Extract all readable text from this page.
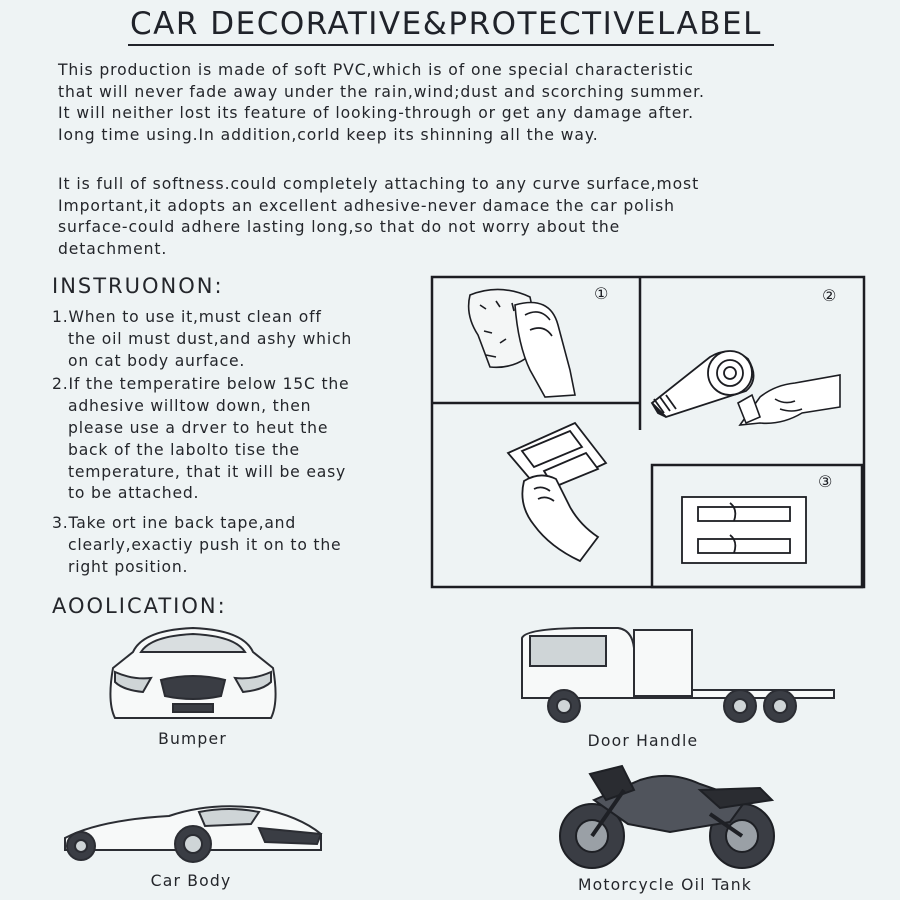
CAR DECORATIVE&PROTECTIVELABEL
This production is made of soft PVC,which is of one special characteristic
that will never fade away under the rain,wind;dust and scorching summer.
It will neither lost its feature of looking-through or get any damage after.
Iong time using.In addition,corld keep its shinning all the way.
It is full of softness.could completely attaching to any curve surface,most
Important,it adopts an excellent adhesive-never damace the car polish
surface-could adhere lasting long,so that do not worry about the
detachment.
INSTRUONON:
1.When to use it,must clean off
the oil must dust,and ashy which
on cat body aurface.
2.If the temperatire below 15C the
adhesive willtow down, then
please use a drver to heut the
back of the labolto tise the
temperature, that it will be easy
to be attached.
3.Take ort ine back tape,and
clearly,exactiy push it on to the
right position.
①	②
③
AOOLICATION:
Bumper	Door Handle
Car Body	Motorcycle Oil Tank
